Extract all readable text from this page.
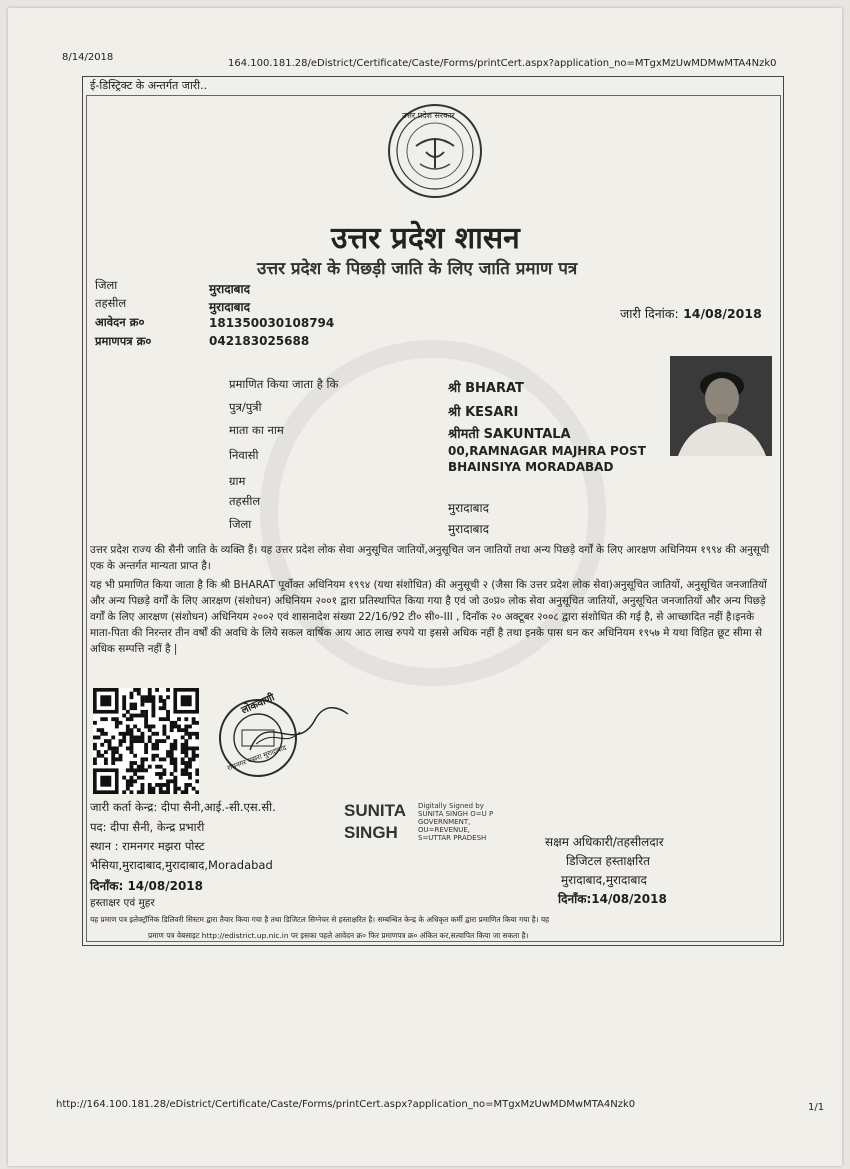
8/14/2018
164.100.181.28/eDistrict/Certificate/Caste/Forms/printCert.aspx?application_no=MTgxMzUwMDMwMTA4Nzk0
ई-डिस्ट्रिक्ट के अन्तर्गत जारी..
उत्तर प्रदेश सरकार
उत्तर प्रदेश शासन
उत्तर प्रदेश के पिछड़ी जाति के लिए जाति प्रमाण पत्र
जिला	मुरादाबाद
तहसील	मुरादाबाद
आवेदन क्र०	181350030108794
प्रमाणपत्र क्र०	042183025688
जारी दिनांक: 14/08/2018
प्रमाणित किया जाता है कि	श्री BHARAT
पुत्र/पुत्री	श्री KESARI
माता का नाम	श्रीमती SAKUNTALA
निवासी	00,RAMNAGAR MAJHRA POST
BHAINSIYA MORADABAD
ग्राम
तहसील	मुरादाबाद
जिला	मुरादाबाद
उत्तर प्रदेश राज्य की सैनी जाति के व्यक्ति हैं। यह उत्तर प्रदेश लोक सेवा अनुसूचित जातियों,अनुसूचित जन जातियों तथा अन्य पिछड़े वर्गों के लिए आरक्षण अधिनियम १९९४ की अनुसूची एक के अन्तर्गत मान्यता प्राप्त है।
यह भी प्रमाणित किया जाता है कि श्री BHARAT पूर्वोक्त अधिनियम १९९४ (यथा संशोधित) की अनुसूची २ (जैसा कि उत्तर प्रदेश लोक सेवा)अनुसूचित जातियों, अनुसूचित जनजातियों और अन्य पिछड़े वर्गों के लिए आरक्षण (संशोधन) अधिनियम २००१ द्वारा प्रतिस्थापित किया गया है एवं जो उ०प्र० लोक सेवा अनुसूचित जातियों, अनुसूचित जनजातियों और अन्य पिछड़े वर्गों के लिए आरक्षण (संशोधन) अधिनियम २००२ एवं शासनादेश संख्या 22/16/92 टी० सी०-III , दिनाँक २० अक्टूबर २००८ द्वारा संशोधित की गई है, से आच्छादित नहीं है।इनके माता-पिता की निरन्तर तीन वर्षों की अवधि के लिये सकल वार्षिक आय आठ लाख रुपये या इससे अधिक नहीं है तथा इनके पास धन कर अधिनियम १९५७ मे यथा विहित छूट सीमा से अधिक सम्पत्ति नहीं है |
लोकवाणी
रामनगर मझरा मुरादाबाद
जारी कर्ता केन्द्र: दीपा सैनी,आई.-सी.एस.सी.
पद: दीपा सैनी, केन्द्र प्रभारी
स्थान : रामनगर मझरा पोस्ट
भैसिया,मुरादाबाद,मुरादाबाद,Moradabad
दिनाँक: 14/08/2018
हस्ताक्षर एवं मुहर
SUNITA
SINGH
Digitally Signed by
SUNITA SINGH O=U P
GOVERNMENT,
OU=REVENUE,
S=UTTAR PRADESH	सक्षम अधिकारी/तहसीलदार
डिजिटल हस्ताक्षरित
मुरादाबाद,मुरादाबाद
दिनाँक:14/08/2018
यह प्रमाण पत्र इलेक्ट्रॉनिक डिलिवरी सिस्टम द्वारा तैयार किया गया है तथा डिजिटल सिग्नेचर से हस्ताक्षरित है। सम्बन्धित केन्द्र के अधिकृत कर्मी द्वारा प्रमाणित किया गया है। यह
प्रमाण पत्र वेबसाइट http://edistrict.up.nic.in पर इसका पहले आवेदन क्र० फिर प्रमाणपत्र क्र० अंकित कर,सत्यापित किया जा सकता है।
http://164.100.181.28/eDistrict/Certificate/Caste/Forms/printCert.aspx?application_no=MTgxMzUwMDMwMTA4Nzk0	1/1
